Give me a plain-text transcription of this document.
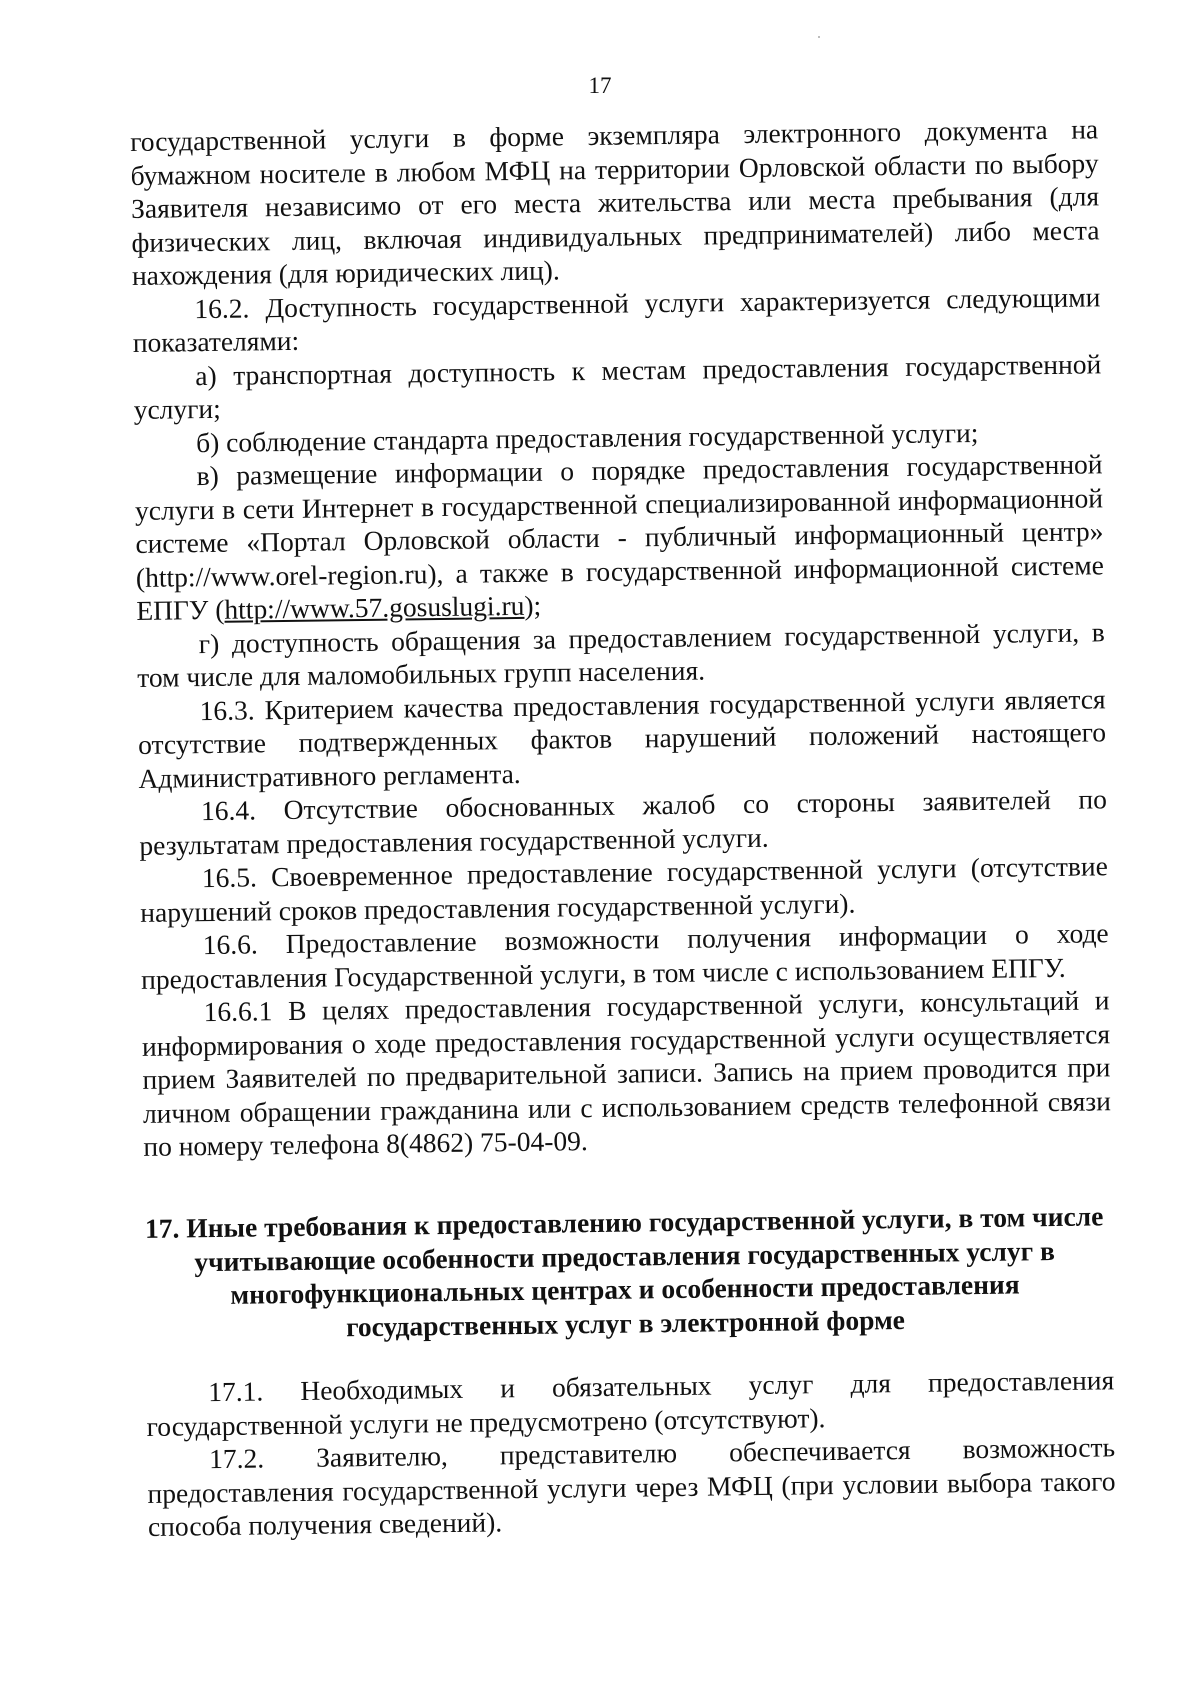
17

государственной услуги в форме экземпляра электронного документа на бумажном носителе в любом МФЦ на территории Орловской области по выбору Заявителя независимо от его места жительства или места пребывания (для физических лиц, включая индивидуальных предпринимателей) либо места нахождения (для юридических лиц).

16.2. Доступность государственной услуги характеризуется следующими показателями:

а) транспортная доступность к местам предоставления государственной услуги;

б) соблюдение стандарта предоставления государственной услуги;

в) размещение информации о порядке предоставления государственной услуги в сети Интернет в государственной специализированной информационной системе «Портал Орловской области - публичный информационный центр» (http://www.orel-region.ru), а также в государственной информационной системе ЕПГУ (http://www.57.gosuslugi.ru);

г) доступность обращения за предоставлением государственной услуги, в том числе для маломобильных групп населения.

16.3. Критерием качества предоставления государственной услуги является отсутствие подтвержденных фактов нарушений положений настоящего Административного регламента.

16.4. Отсутствие обоснованных жалоб со стороны заявителей по результатам предоставления государственной услуги.

16.5. Своевременное предоставление государственной услуги (отсутствие нарушений сроков предоставления государственной услуги).

16.6. Предоставление возможности получения информации о ходе предоставления Государственной услуги, в том числе с использованием ЕПГУ.

16.6.1 В целях предоставления государственной услуги, консультаций и информирования о ходе предоставления государственной услуги осуществляется прием Заявителей по предварительной записи. Запись на прием проводится при личном обращении гражданина или с использованием средств телефонной связи по номеру телефона 8(4862) 75-04-09.

17. Иные требования к предоставлению государственной услуги, в том числе учитывающие особенности предоставления государственных услуг в многофункциональных центрах и особенности предоставления государственных услуг в электронной форме

17.1. Необходимых и обязательных услуг для предоставления государственной услуги не предусмотрено (отсутствуют).

17.2. Заявителю, представителю обеспечивается возможность предоставления государственной услуги через МФЦ (при условии выбора такого способа получения сведений).
